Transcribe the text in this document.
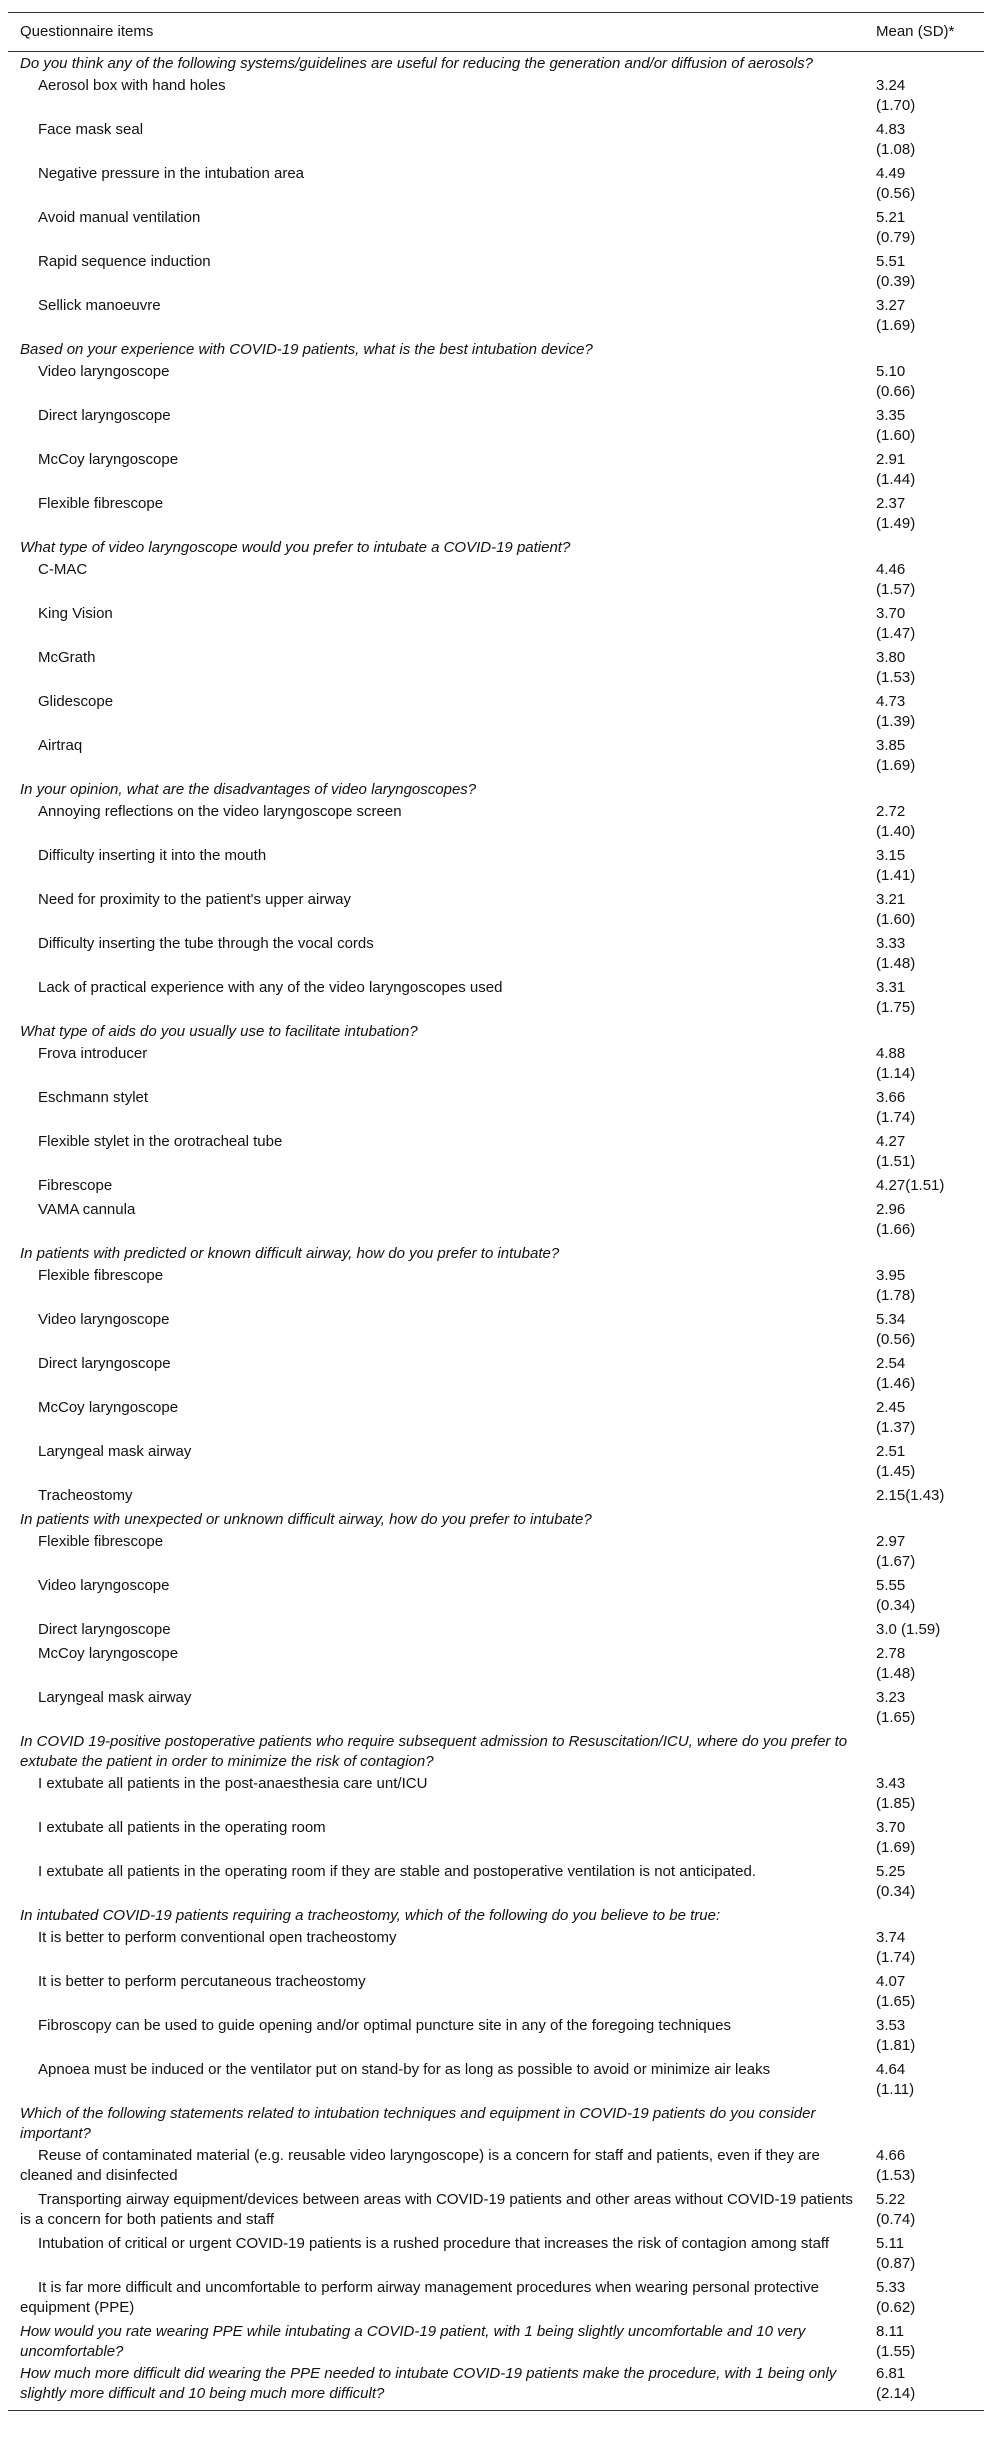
Questionnaire items	Mean (SD)*
Do you think any of the following systems/guidelines are useful for reducing the generation and/or diffusion of aerosols?	
Aerosol box with hand holes	3.24
(1.70)

Face mask seal	4.83
(1.08)

Negative pressure in the intubation area	4.49
(0.56)

Avoid manual ventilation	5.21
(0.79)

Rapid sequence induction	5.51
(0.39)

Sellick manoeuvre	3.27
(1.69)

Based on your experience with COVID-19 patients, what is the best intubation device?	
Video laryngoscope	5.10
(0.66)

Direct laryngoscope	3.35
(1.60)

McCoy laryngoscope	2.91
(1.44)

Flexible fibrescope	2.37
(1.49)

What type of video laryngoscope would you prefer to intubate a COVID-19 patient?	
C-MAC	4.46
(1.57)

King Vision	3.70
(1.47)

McGrath	3.80
(1.53)

Glidescope	4.73
(1.39)

Airtraq	3.85
(1.69)

In your opinion, what are the disadvantages of video laryngoscopes?	
Annoying reflections on the video laryngoscope screen	2.72
(1.40)

Difficulty inserting it into the mouth	3.15
(1.41)

Need for proximity to the patient's upper airway	3.21
(1.60)

Difficulty inserting the tube through the vocal cords	3.33
(1.48)

Lack of practical experience with any of the video laryngoscopes used	3.31
(1.75)

What type of aids do you usually use to facilitate intubation?	
Frova introducer	4.88
(1.14)

Eschmann stylet	3.66
(1.74)

Flexible stylet in the orotracheal tube	4.27
(1.51)

Fibrescope	4.27(1.51)

VAMA cannula	2.96
(1.66)

In patients with predicted or known difficult airway, how do you prefer to intubate?	
Flexible fibrescope	3.95
(1.78)

Video laryngoscope	5.34
(0.56)

Direct laryngoscope	2.54
(1.46)

McCoy laryngoscope	2.45
(1.37)

Laryngeal mask airway	2.51
(1.45)

Tracheostomy	2.15(1.43)

In patients with unexpected or unknown difficult airway, how do you prefer to intubate?	
Flexible fibrescope	2.97
(1.67)

Video laryngoscope	5.55
(0.34)

Direct laryngoscope	3.0 (1.59)

McCoy laryngoscope	2.78
(1.48)

Laryngeal mask airway	3.23
(1.65)

In COVID 19-positive postoperative patients who require subsequent admission to Resuscitation/ICU, where do you prefer to extubate the patient in order to minimize the risk of contagion?	
I extubate all patients in the post-anaesthesia care unt/ICU	3.43
(1.85)

I extubate all patients in the operating room	3.70
(1.69)

I extubate all patients in the operating room if they are stable and postoperative ventilation is not anticipated.	5.25
(0.34)

In intubated COVID-19 patients requiring a tracheostomy, which of the following do you believe to be true:	
It is better to perform conventional open tracheostomy	3.74
(1.74)

It is better to perform percutaneous tracheostomy	4.07
(1.65)

Fibroscopy can be used to guide opening and/or optimal puncture site in any of the foregoing techniques	3.53
(1.81)

Apnoea must be induced or the ventilator put on stand-by for as long as possible to avoid or minimize air leaks	4.64
(1.11)

Which of the following statements related to intubation techniques and equipment in COVID-19 patients do you consider important?	
Reuse of contaminated material (e.g. reusable video laryngoscope) is a concern for staff and patients, even if they are cleaned and disinfected	4.66
(1.53)

Transporting airway equipment/devices between areas with COVID-19 patients and other areas without COVID-19 patients is a concern for both patients and staff	5.22
(0.74)

Intubation of critical or urgent COVID-19 patients is a rushed procedure that increases the risk of contagion among staff	5.11
(0.87)

It is far more difficult and uncomfortable to perform airway management procedures when wearing personal protective equipment (PPE)	5.33
(0.62)

How would you rate wearing PPE while intubating a COVID-19 patient, with 1 being slightly uncomfortable and 10 very uncomfortable?	8.11
(1.55)

How much more difficult did wearing the PPE needed to intubate COVID-19 patients make the procedure, with 1 being only slightly more difficult and 10 being much more difficult?	6.81
(2.14)
